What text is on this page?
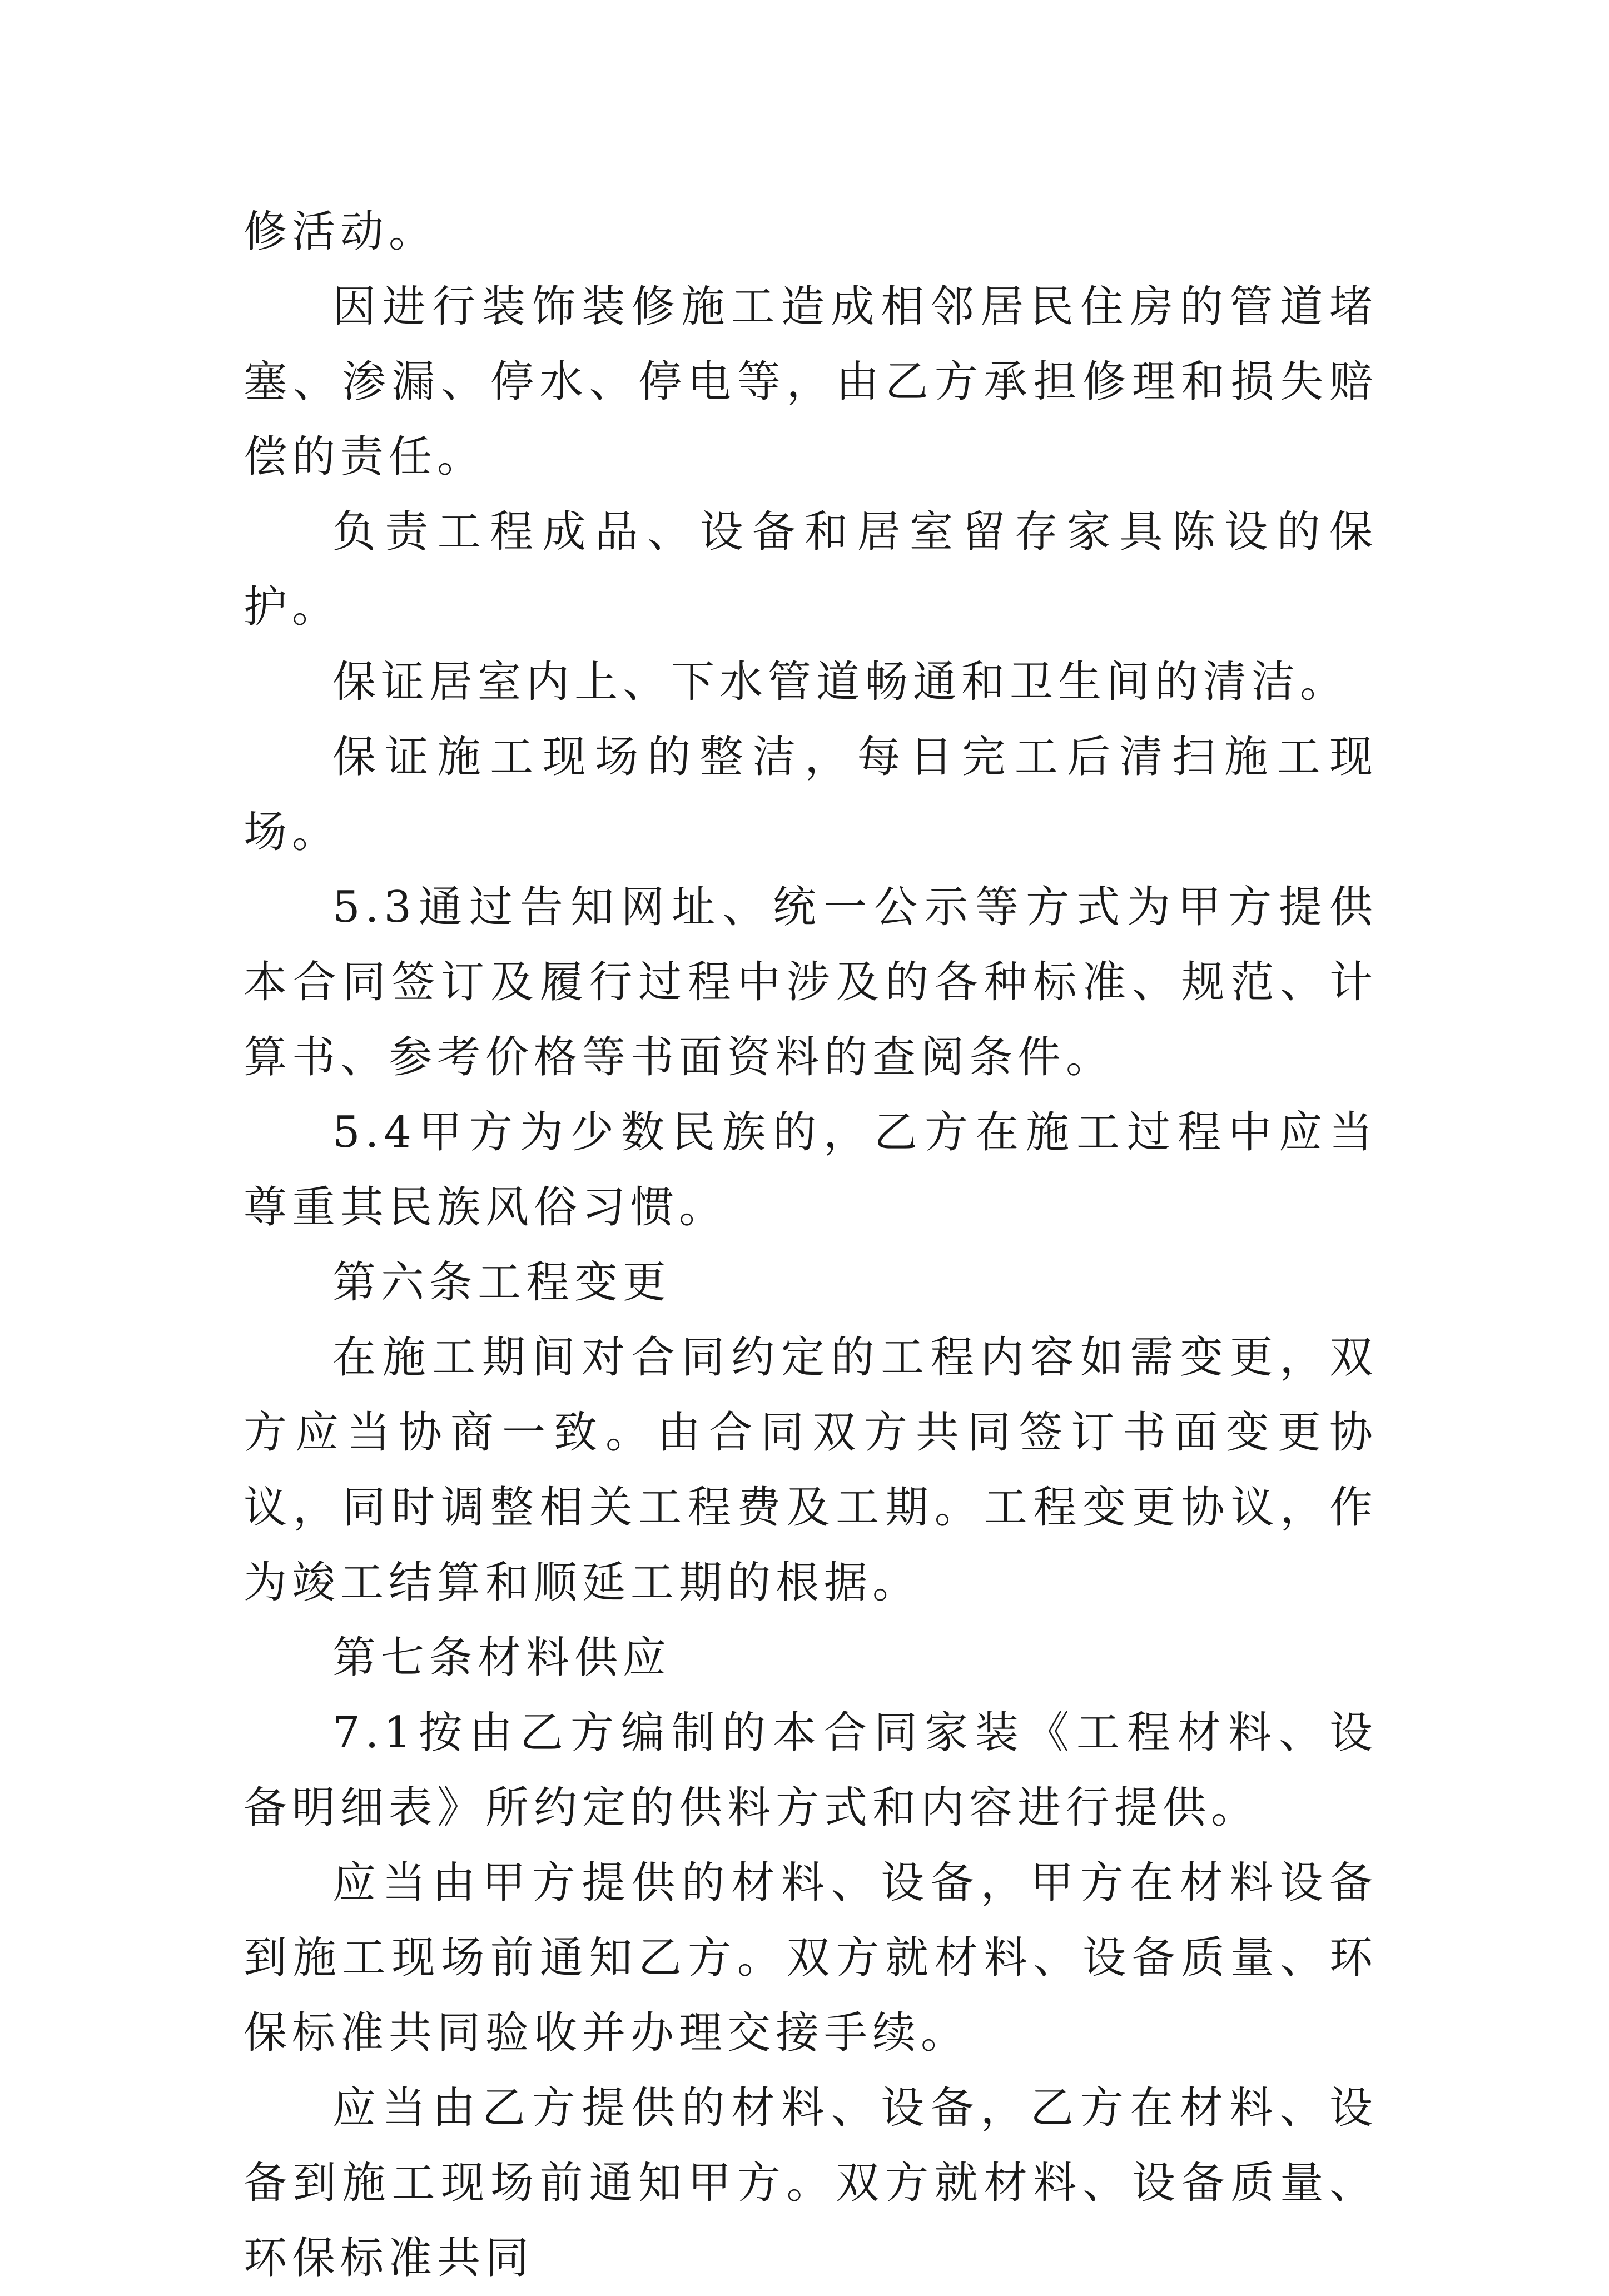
修活动。

因进行装饰装修施工造成相邻居民住房的管道堵塞、渗漏、停水、停电等，由乙方承担修理和损失赔偿的责任。

负责工程成品、设备和居室留存家具陈设的保护。

保证居室内上、下水管道畅通和卫生间的清洁。

保证施工现场的整洁，每日完工后清扫施工现场。

5.3通过告知网址、统一公示等方式为甲方提供本合同签订及履行过程中涉及的各种标准、规范、计算书、参考价格等书面资料的查阅条件。

5.4甲方为少数民族的，乙方在施工过程中应当尊重其民族风俗习惯。

第六条工程变更

在施工期间对合同约定的工程内容如需变更，双方应当协商一致。由合同双方共同签订书面变更协议，同时调整相关工程费及工期。工程变更协议，作为竣工结算和顺延工期的根据。

第七条材料供应

7.1按由乙方编制的本合同家装《工程材料、设备明细表》所约定的供料方式和内容进行提供。

应当由甲方提供的材料、设备，甲方在材料设备到施工现场前通知乙方。双方就材料、设备质量、环保标准共同验收并办理交接手续。

应当由乙方提供的材料、设备，乙方在材料、设备到施工现场前通知甲方。双方就材料、设备质量、环保标准共同
